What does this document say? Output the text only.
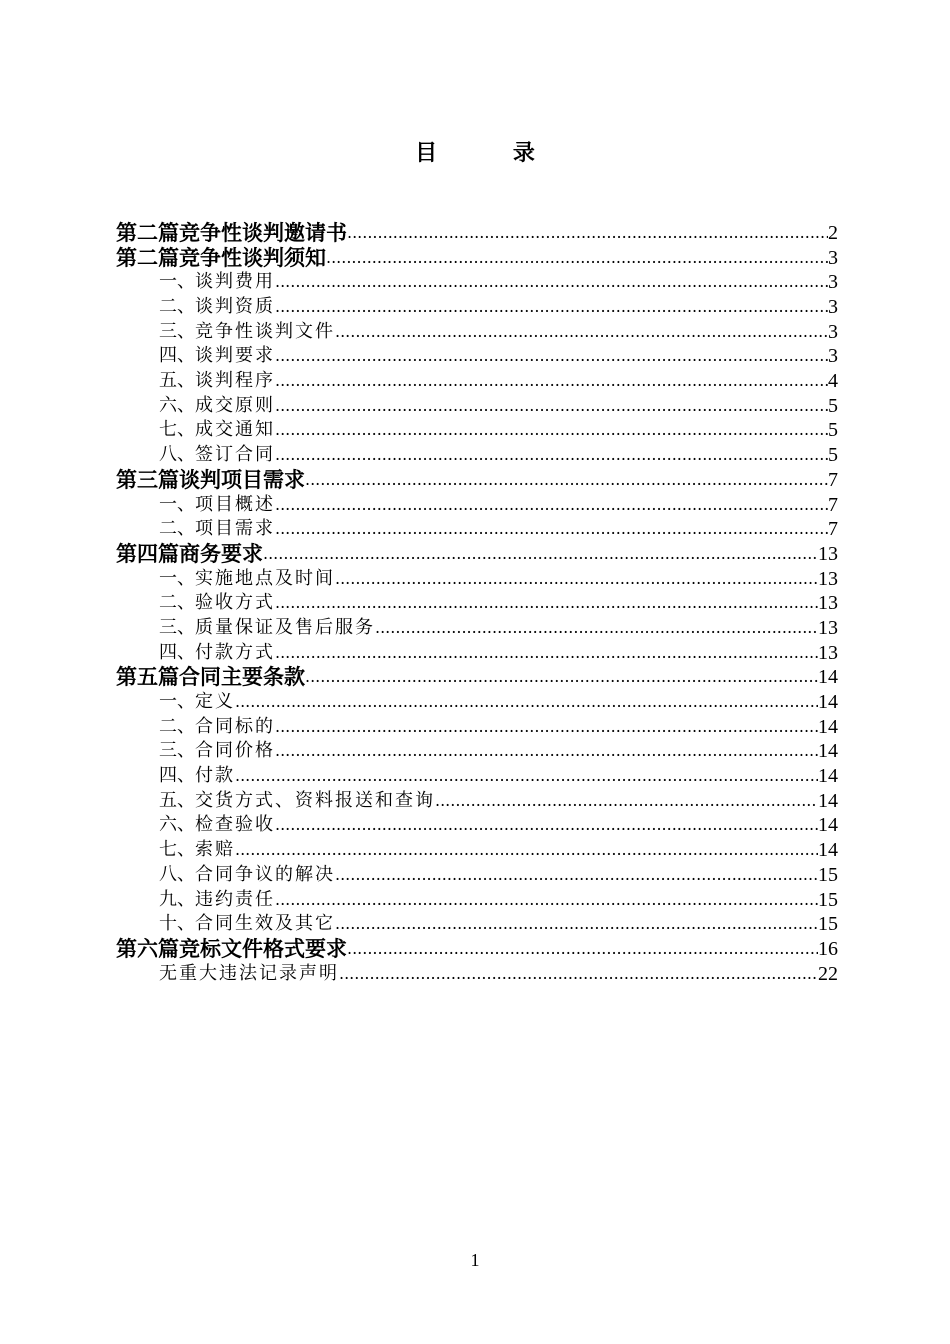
目 录
第二篇 竞争性谈判邀请书 .....	2
第二篇 竞争性谈判须知 .....	3
一、 谈判费用 .....	3
二、 谈判资质 .....	3
三、 竞争性谈判文件 .....	3
四、 谈判要求 .....	3
五、 谈判程序 .....	4
六、 成交原则 .....	5
七、 成交通知 .....	5
八、 签订合同 .....	5
第三篇 谈判项目需求 .....	7
一、 项目概述 .....	7
二、 项目需求 .....	7
第四篇 商务要求 .....	13
一、 实施地点及时间 .....	13
二、 验收方式 .....	13
三、 质量保证及售后服务 .....	13
四、 付款方式 .....	13
第五篇 合同主要条款 .....	14
一、 定义 .....	14
二、 合同标的 .....	14
三、 合同价格 .....	14
四、 付款 .....	14
五、 交货方式、资料报送和查询 .....	14
六、 检查验收 .....	14
七、 索赔 .....	14
八、 合同争议的解决 .....	15
九、 违约责任 .....	15
十、 合同生效及其它 .....	15
第六篇 竞标文件格式要求 .....	16
无重大违法记录声明 .....	22
1
